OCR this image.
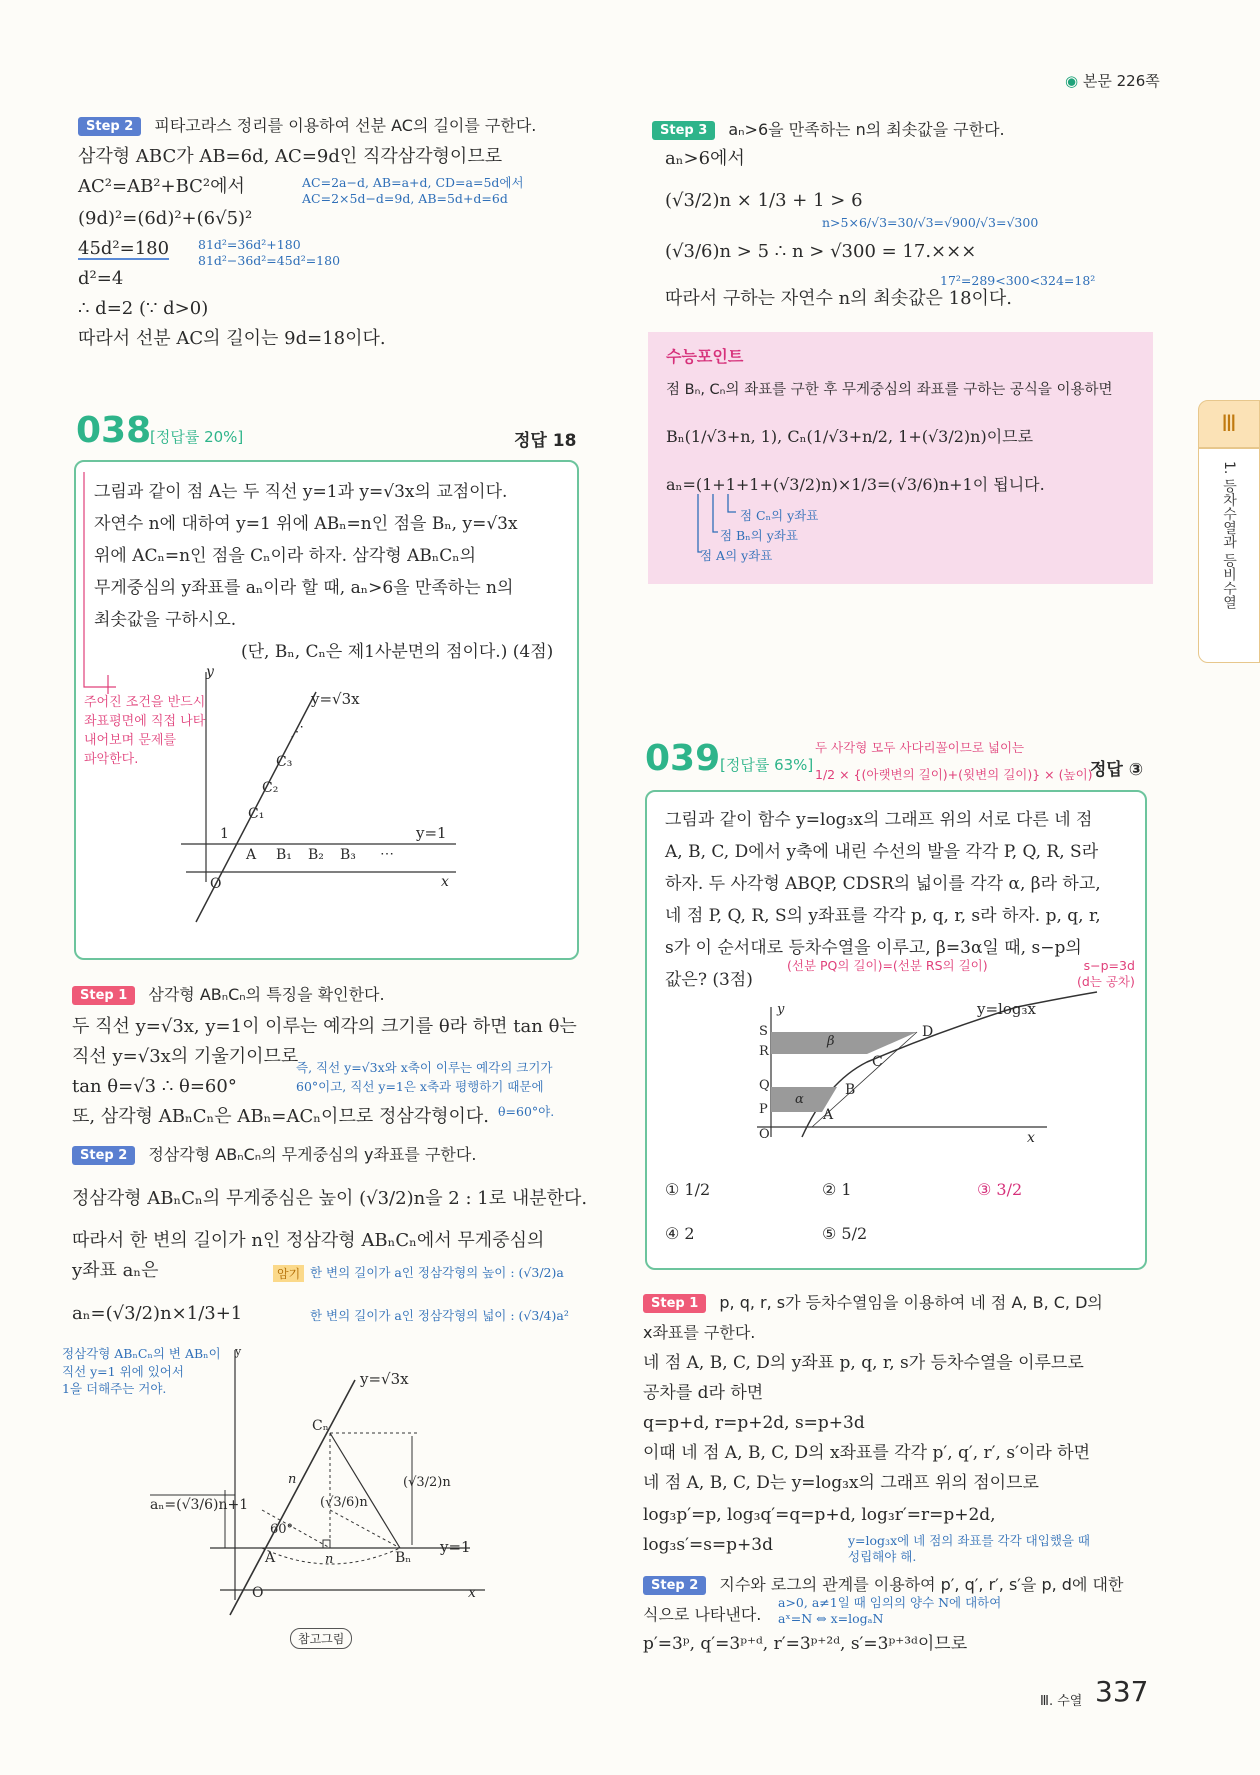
◉ 본문 226쪽
Ⅲ
1. 등차수열과 등비수열
Step 2 피타고라스 정리를 이용하여 선분 AC의 길이를 구한다.
삼각형 ABC가 AB=6d, AC=9d인 직각삼각형이므로
AC²=AB²+BC²에서	AC=2a−d, AB=a+d, CD=a=5d에서
AC=2×5d−d=9d, AB=5d+d=6d
(9d)²=(6d)²+(6√5)²
45d²=180 81d²=36d²+180
81d²−36d²=45d²=180
d²=4
∴ d=2 (∵ d>0)
따라서 선분 AC의 길이는 9d=18이다.
Step 3 aₙ>6을 만족하는 n의 최솟값을 구한다.
aₙ>6에서
(√3/2)n × 1/3 + 1 > 6
n>5×6/√3=30/√3=√900/√3=√300
(√3/6)n > 5 ∴ n > √300 = 17.×××
17²=289<300<324=18²
따라서 구하는 자연수 n의 최솟값은 18이다.
수능포인트
점 Bₙ, Cₙ의 좌표를 구한 후 무게중심의 좌표를 구하는 공식을 이용하면
Bₙ(1/√3+n, 1), Cₙ(1/√3+n/2, 1+(√3/2)n)이므로
aₙ=(1+1+1+(√3/2)n)×1/3=(√3/6)n+1이 됩니다.
점 Cₙ의 y좌표
점 Bₙ의 y좌표
점 A의 y좌표
038
[정답률 20%]	정답 18
그림과 같이 점 A는 두 직선 y=1과 y=√3x의 교점이다.
자연수 n에 대하여 y=1 위에 ABₙ=n인 점을 Bₙ, y=√3x
위에 ACₙ=n인 점을 Cₙ이라 하자. 삼각형 ABₙCₙ의
무게중심의 y좌표를 aₙ이라 할 때, aₙ>6을 만족하는 n의
최솟값을 구하시오.
(단, Bₙ, Cₙ은 제1사분면의 점이다.) (4점)
주어진 조건을 반드시
좌표평면에 직접 나타
내어보며 문제를
파악한다.
y
y=√3x
⋰
C₃
C₂
C₁
1	y=1
A B₁ B₂ B₃ ⋯
O	x
Step 1 삼각형 ABₙCₙ의 특징을 확인한다.
두 직선 y=√3x, y=1이 이루는 예각의 크기를 θ라 하면 tan θ는
직선 y=√3x의 기울기이므로
즉, 직선 y=√3x와 x축이 이루는 예각의 크기가
60°이고, 직선 y=1은 x축과 평행하기 때문에
tan θ=√3 ∴ θ=60°
또, 삼각형 ABₙCₙ은 ABₙ=ACₙ이므로 정삼각형이다. θ=60°야.
Step 2 정삼각형 ABₙCₙ의 무게중심의 y좌표를 구한다.
정삼각형 ABₙCₙ의 무게중심은 높이 (√3/2)n을 2 : 1로 내분한다.
따라서 한 변의 길이가 n인 정삼각형 ABₙCₙ에서 무게중심의
y좌표 aₙ은	암기 한 변의 길이가 a인 정삼각형의 높이 : (√3/2)a
한 변의 길이가 a인 정삼각형의 넓이 : (√3/4)a²
aₙ=(√3/2)n×1/3+1
정삼각형 ABₙCₙ의 변 ABₙ이
직선 y=1 위에 있어서
1을 더해주는 거야.
y
y=√3x
Cₙ
(√3/2)n
n
(√3/6)n
aₙ=(√3/6)n+1
60°
y=1
A	n	Bₙ
O	x
참고그림
039 [정답률 63%]
두 사각형 모두 사다리꼴이므로 넓이는
1/2 × {(아랫변의 길이)+(윗변의 길이)} × (높이)
정답 ③
그림과 같이 함수 y=log₃x의 그래프 위의 서로 다른 네 점
A, B, C, D에서 y축에 내린 수선의 발을 각각 P, Q, R, S라
하자. 두 사각형 ABQP, CDSR의 넓이를 각각 α, β라 하고,
네 점 P, Q, R, S의 y좌표를 각각 p, q, r, s라 하자. p, q, r,
s가 이 순서대로 등차수열을 이루고, β=3α일 때, s−p의
값은? (3점)
(선분 PQ의 길이)=(선분 RS의 길이)	s−p=3d
(d는 공차)
y	y=log₃x
S
R
Q
P
O
D
C
B
A
β
α
x
① 1/2	② 1	③ 3/2
④ 2	⑤ 5/2
Step 1 p, q, r, s가 등차수열임을 이용하여 네 점 A, B, C, D의
x좌표를 구한다.
네 점 A, B, C, D의 y좌표 p, q, r, s가 등차수열을 이루므로
공차를 d라 하면
q=p+d, r=p+2d, s=p+3d
이때 네 점 A, B, C, D의 x좌표를 각각 p′, q′, r′, s′이라 하면
네 점 A, B, C, D는 y=log₃x의 그래프 위의 점이므로
log₃p′=p, log₃q′=q=p+d, log₃r′=r=p+2d,
log₃s′=s=p+3d	y=log₃x에 네 점의 좌표를 각각 대입했을 때
성립해야 해.
Step 2 지수와 로그의 관계를 이용하여 p′, q′, r′, s′을 p, d에 대한
식으로 나타낸다.
a>0, a≠1일 때 임의의 양수 N에 대하여
aˣ=N ⇔ x=logₐN
p′=3ᵖ, q′=3ᵖ⁺ᵈ, r′=3ᵖ⁺²ᵈ, s′=3ᵖ⁺³ᵈ이므로
Ⅲ. 수열 337
